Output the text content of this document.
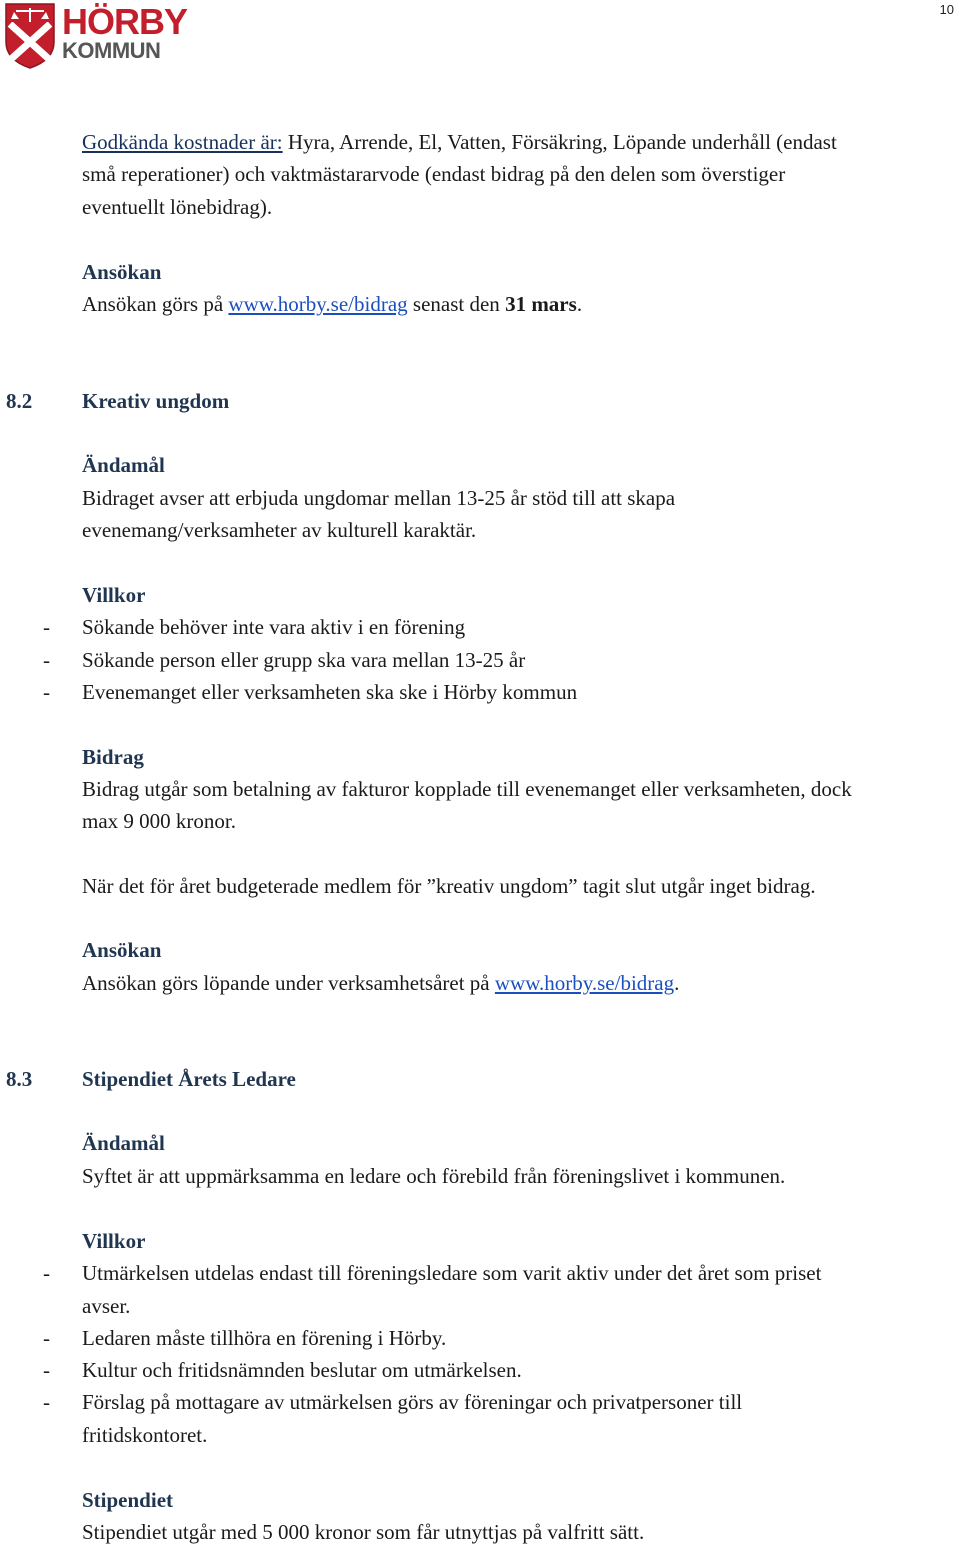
10
HÖRBY
KOMMUN
Godkända kostnader är: Hyra, Arrende, El, Vatten, Försäkring, Löpande underhåll (endast
små reperationer) och vaktmästararvode (endast bidrag på den delen som överstiger
eventuellt lönebidrag).
Ansökan
Ansökan görs på www.horby.se/bidrag senast den 31 mars.
8.2 Kreativ ungdom
Ändamål
Bidraget avser att erbjuda ungdomar mellan 13-25 år stöd till att skapa
evenemang/verksamheter av kulturell karaktär.
Villkor
- Sökande behöver inte vara aktiv i en förening
- Sökande person eller grupp ska vara mellan 13-25 år
- Evenemanget eller verksamheten ska ske i Hörby kommun
Bidrag
Bidrag utgår som betalning av fakturor kopplade till evenemanget eller verksamheten, dock
max 9 000 kronor.
När det för året budgeterade medlem för ”kreativ ungdom” tagit slut utgår inget bidrag.
Ansökan
Ansökan görs löpande under verksamhetsåret på www.horby.se/bidrag.
8.3 Stipendiet Årets Ledare
Ändamål
Syftet är att uppmärksamma en ledare och förebild från föreningslivet i kommunen.
Villkor
- Utmärkelsen utdelas endast till föreningsledare som varit aktiv under det året som priset
avser.
- Ledaren måste tillhöra en förening i Hörby.
- Kultur och fritidsnämnden beslutar om utmärkelsen.
- Förslag på mottagare av utmärkelsen görs av föreningar och privatpersoner till
fritidskontoret.
Stipendiet
Stipendiet utgår med 5 000 kronor som får utnyttjas på valfritt sätt.
